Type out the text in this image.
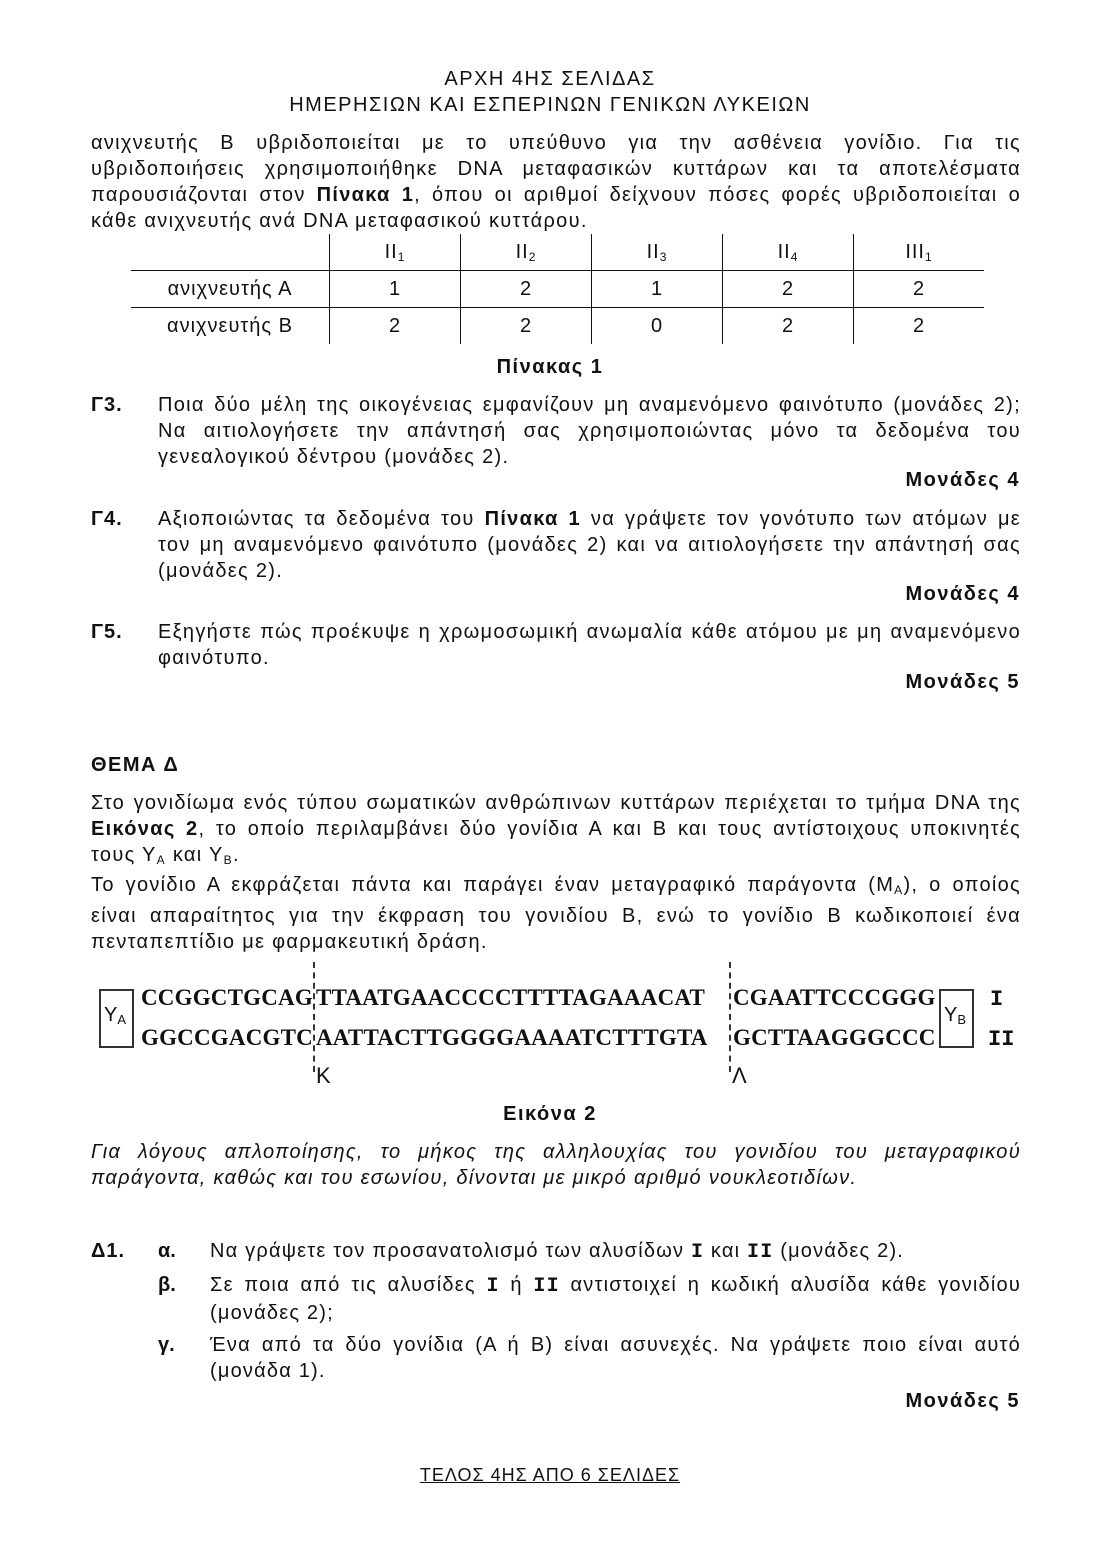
ΑΡΧΗ 4ΗΣ ΣΕΛΙΔΑΣ
ΗΜΕΡΗΣΙΩΝ ΚΑΙ ΕΣΠΕΡΙΝΩΝ ΓΕΝΙΚΩΝ ΛΥΚΕΙΩΝ
ανιχνευτής Β υβριδοποιείται με το υπεύθυνο για την ασθένεια γονίδιο. Για τις υβριδοποιήσεις χρησιμοποιήθηκε DNA μεταφασικών κυττάρων και τα αποτελέσματα παρουσιάζονται στον Πίνακα 1, όπου οι αριθμοί δείχνουν πόσες φορές υβριδοποιείται ο κάθε ανιχνευτής ανά DNA μεταφασικού κυττάρου.
	$II_1$	$II_2$	$II_3$	$II_4$	$III_1$
ανιχνευτής Α	1	2	1	2	2
ανιχνευτής Β	2	2	0	2	2
Πίνακας 1
Γ3. Ποια δύο μέλη της οικογένειας εμφανίζουν μη αναμενόμενο φαινότυπο (μονάδες 2); Να αιτιολογήσετε την απάντησή σας χρησιμοποιώντας μόνο τα δεδομένα του γενεαλογικού δέντρου (μονάδες 2).
Μονάδες 4
Γ4. Αξιοποιώντας τα δεδομένα του Πίνακα 1 να γράψετε τον γονότυπο των ατόμων με τον μη αναμενόμενο φαινότυπο (μονάδες 2) και να αιτιολογήσετε την απάντησή σας (μονάδες 2).
Μονάδες 4
Γ5. Εξηγήστε πώς προέκυψε η χρωμοσωμική ανωμαλία κάθε ατόμου με μη αναμενόμενο φαινότυπο.
Μονάδες 5
ΘΕΜΑ Δ
Στο γονιδίωμα ενός τύπου σωματικών ανθρώπινων κυττάρων περιέχεται το τμήμα DNA της Εικόνας 2, το οποίο περιλαμβάνει δύο γονίδια Α και Β και τους αντίστοιχους υποκινητές τους $\Upsilon_A$ και $\Upsilon_B$.
Το γονίδιο Α εκφράζεται πάντα και παράγει έναν μεταγραφικό παράγοντα $(M_A)$, ο οποίος είναι απαραίτητος για την έκφραση του γονιδίου Β, ενώ το γονίδιο Β κωδικοποιεί ένα πενταπεπτίδιο με φαρμακευτική δράση.
$\Upsilon_A$
CCGGCTGCAG TTAATGAACCCCTTTTAGAAACAT CGAATTCCCGGG
GGCCGACGTC AATTACTTGGGGAAAATCTTTGTA GCTTAAGGGCCC
$\Upsilon_B$
I
II
Κ	Λ
Εικόνα 2
Για λόγους απλοποίησης, το μήκος της αλληλουχίας του γονιδίου του μεταγραφικού παράγοντα, καθώς και του εσωνίου, δίνονται με μικρό αριθμό νουκλεοτιδίων.
Δ1. α. Να γράψετε τον προσανατολισμό των αλυσίδων Ι και ΙΙ (μονάδες 2).
β. Σε ποια από τις αλυσίδες Ι ή ΙΙ αντιστοιχεί η κωδική αλυσίδα κάθε γονιδίου (μονάδες 2);
γ. Ένα από τα δύο γονίδια (Α ή Β) είναι ασυνεχές. Να γράψετε ποιο είναι αυτό (μονάδα 1).
Μονάδες 5
ΤΕΛΟΣ 4ΗΣ ΑΠΟ 6 ΣΕΛΙΔΕΣ
